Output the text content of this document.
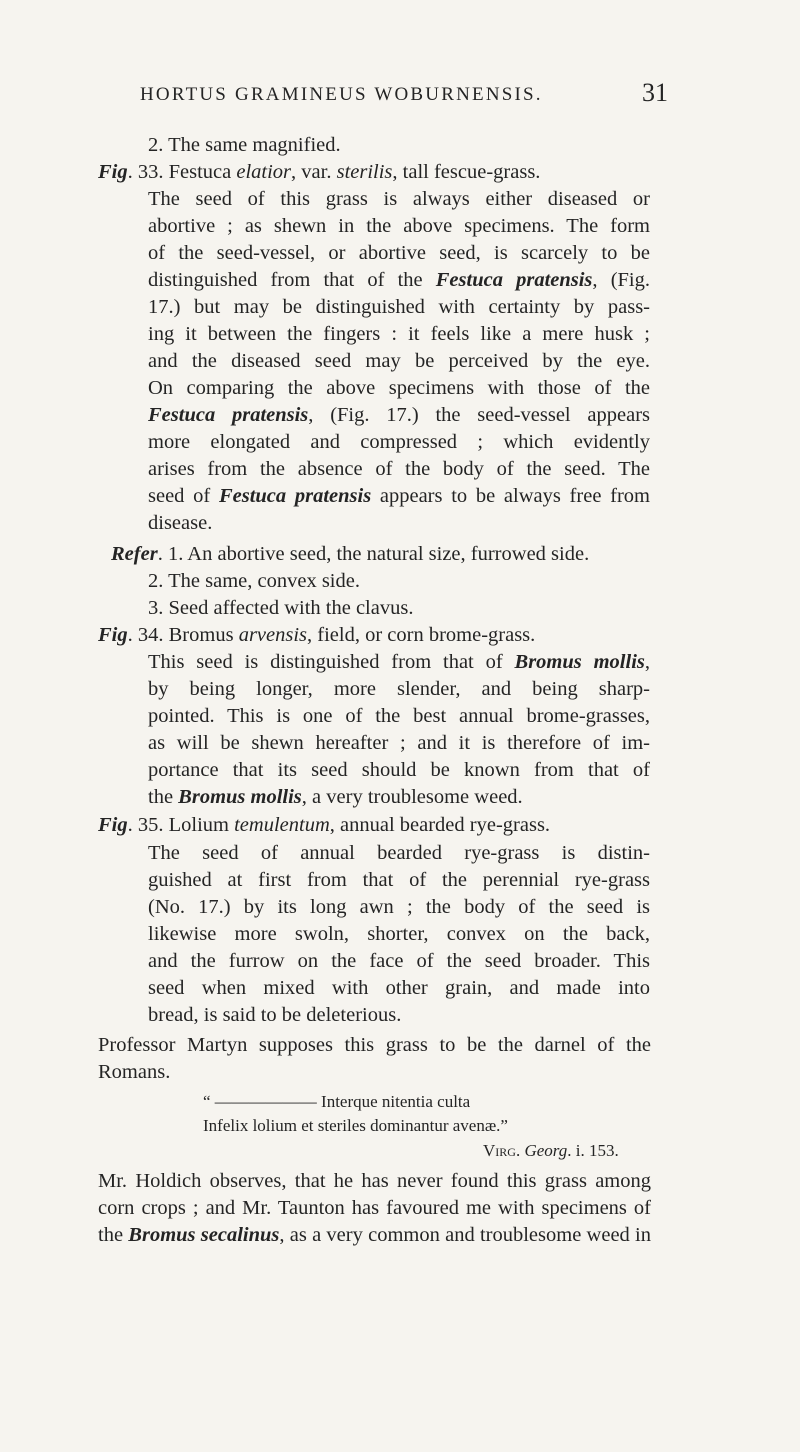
HORTUS GRAMINEUS WOBURNENSIS.	31
2. The same magnified.
Fig. 33. Festuca elatior, var. sterilis, tall fescue-grass.
The seed of this grass is always either diseased or
abortive ; as shewn in the above specimens. The form
of the seed-vessel, or abortive seed, is scarcely to be
distinguished from that of the Festuca pratensis, (Fig.
17.) but may be distinguished with certainty by pass-
ing it between the fingers : it feels like a mere husk ;
and the diseased seed may be perceived by the eye.
On comparing the above specimens with those of the
Festuca pratensis, (Fig. 17.) the seed-vessel appears
more elongated and compressed ; which evidently
arises from the absence of the body of the seed. The
seed of Festuca pratensis appears to be always free from
disease.
Refer. 1. An abortive seed, the natural size, furrowed side.
2. The same, convex side.
3. Seed affected with the clavus.
Fig. 34. Bromus arvensis, field, or corn brome-grass.
This seed is distinguished from that of Bromus mollis,
by being longer, more slender, and being sharp-
pointed. This is one of the best annual brome-grasses,
as will be shewn hereafter ; and it is therefore of im-
portance that its seed should be known from that of
the Bromus mollis, a very troublesome weed.
Fig. 35. Lolium temulentum, annual bearded rye-grass.
The seed of annual bearded rye-grass is distin-
guished at first from that of the perennial rye-grass
(No. 17.) by its long awn ; the body of the seed is
likewise more swoln, shorter, convex on the back,
and the furrow on the face of the seed broader. This
seed when mixed with other grain, and made into
bread, is said to be deleterious.
Professor Martyn supposes this grass to be the darnel of the
Romans.
“ —————— Interque nitentia culta
Infelix lolium et steriles dominantur avenæ.”
Virg. Georg. i. 153.
Mr. Holdich observes, that he has never found this grass among
corn crops ; and Mr. Taunton has favoured me with specimens of
the Bromus secalinus, as a very common and troublesome weed in
